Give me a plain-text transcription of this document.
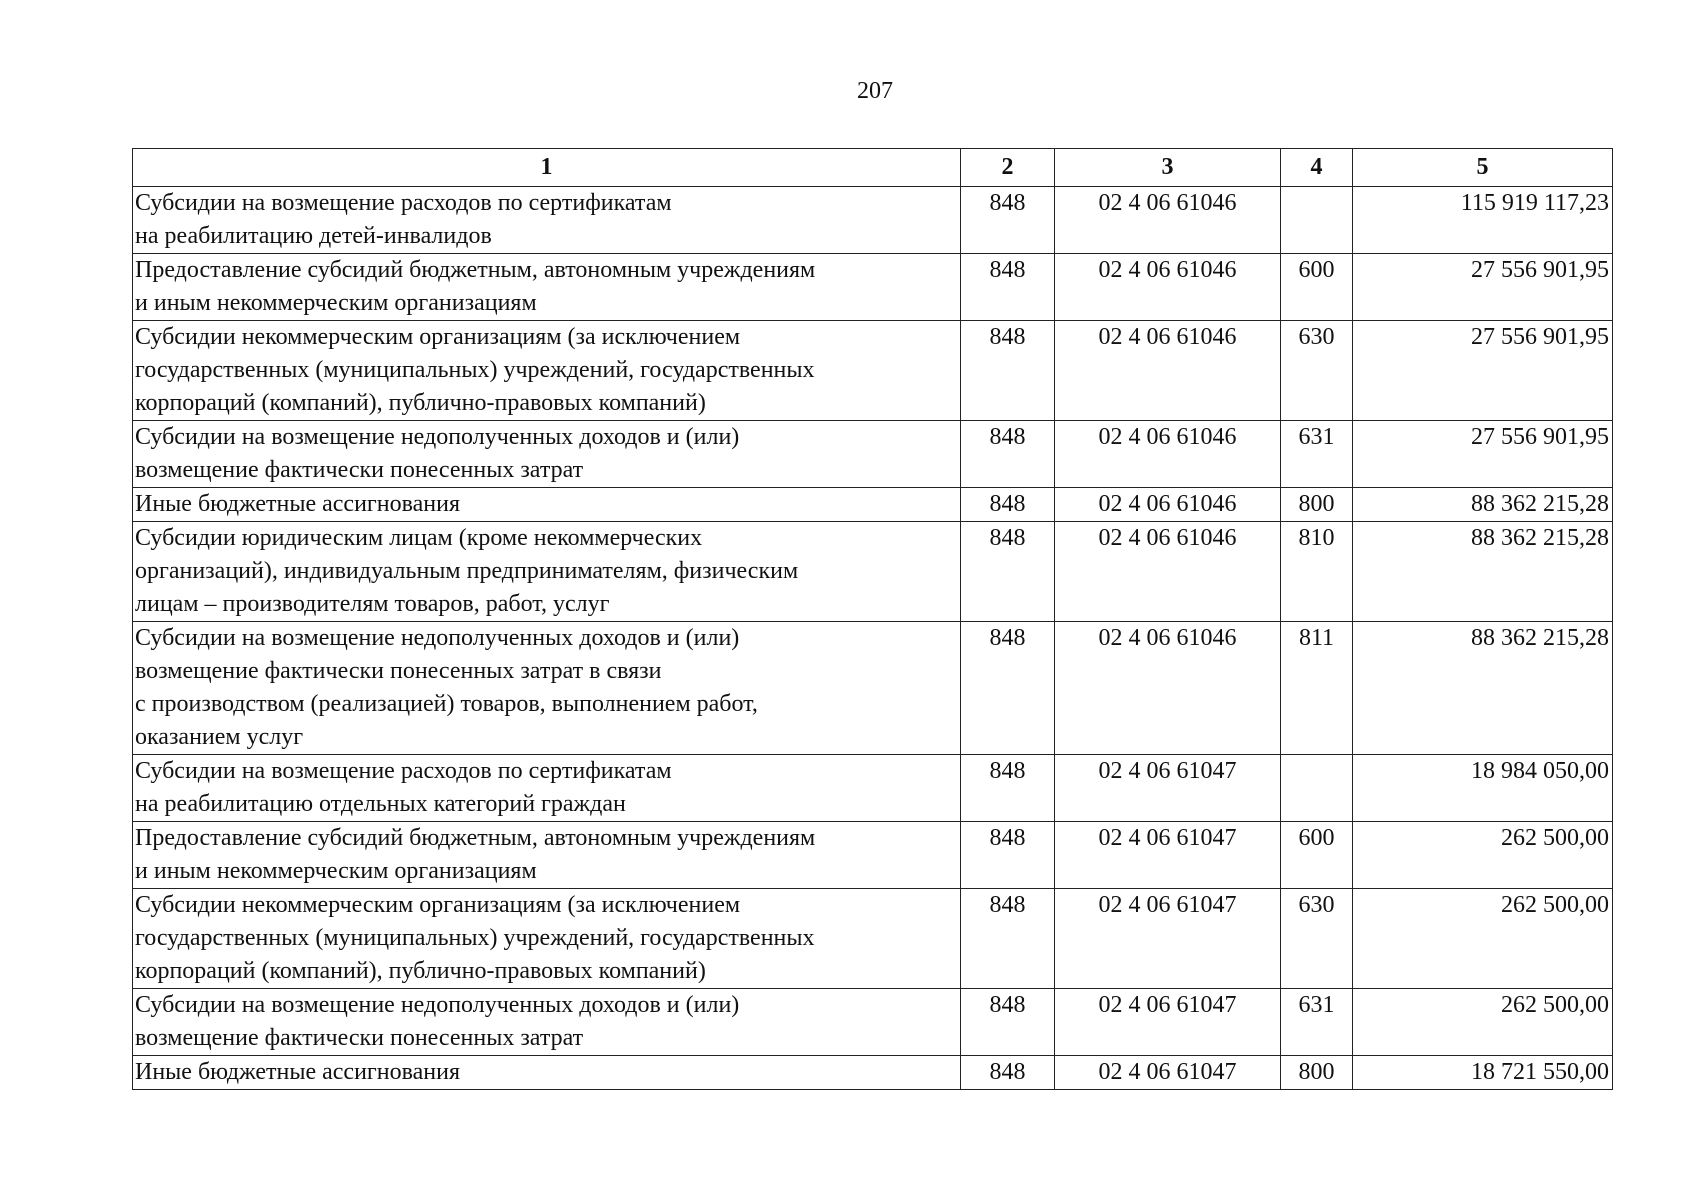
207
1	2	3	4	5
Субсидии на возмещение расходов по сертификатам
на реабилитацию детей-инвалидов	848	02 4 06 61046		115 919 117,23
Предоставление субсидий бюджетным, автономным учреждениям
и иным некоммерческим организациям	848	02 4 06 61046	600	27 556 901,95
Субсидии некоммерческим организациям (за исключением
государственных (муниципальных) учреждений, государственных
корпораций (компаний), публично-правовых компаний)	848	02 4 06 61046	630	27 556 901,95
Субсидии на возмещение недополученных доходов и (или)
возмещение фактически понесенных затрат	848	02 4 06 61046	631	27 556 901,95
Иные бюджетные ассигнования	848	02 4 06 61046	800	88 362 215,28
Субсидии юридическим лицам (кроме некоммерческих
организаций), индивидуальным предпринимателям, физическим
лицам – производителям товаров, работ, услуг	848	02 4 06 61046	810	88 362 215,28
Субсидии на возмещение недополученных доходов и (или)
возмещение фактически понесенных затрат в связи
с производством (реализацией) товаров, выполнением работ,
оказанием услуг	848	02 4 06 61046	811	88 362 215,28
Субсидии на возмещение расходов по сертификатам
на реабилитацию отдельных категорий граждан	848	02 4 06 61047		18 984 050,00
Предоставление субсидий бюджетным, автономным учреждениям
и иным некоммерческим организациям	848	02 4 06 61047	600	262 500,00
Субсидии некоммерческим организациям (за исключением
государственных (муниципальных) учреждений, государственных
корпораций (компаний), публично-правовых компаний)	848	02 4 06 61047	630	262 500,00
Субсидии на возмещение недополученных доходов и (или)
возмещение фактически понесенных затрат	848	02 4 06 61047	631	262 500,00
Иные бюджетные ассигнования	848	02 4 06 61047	800	18 721 550,00
